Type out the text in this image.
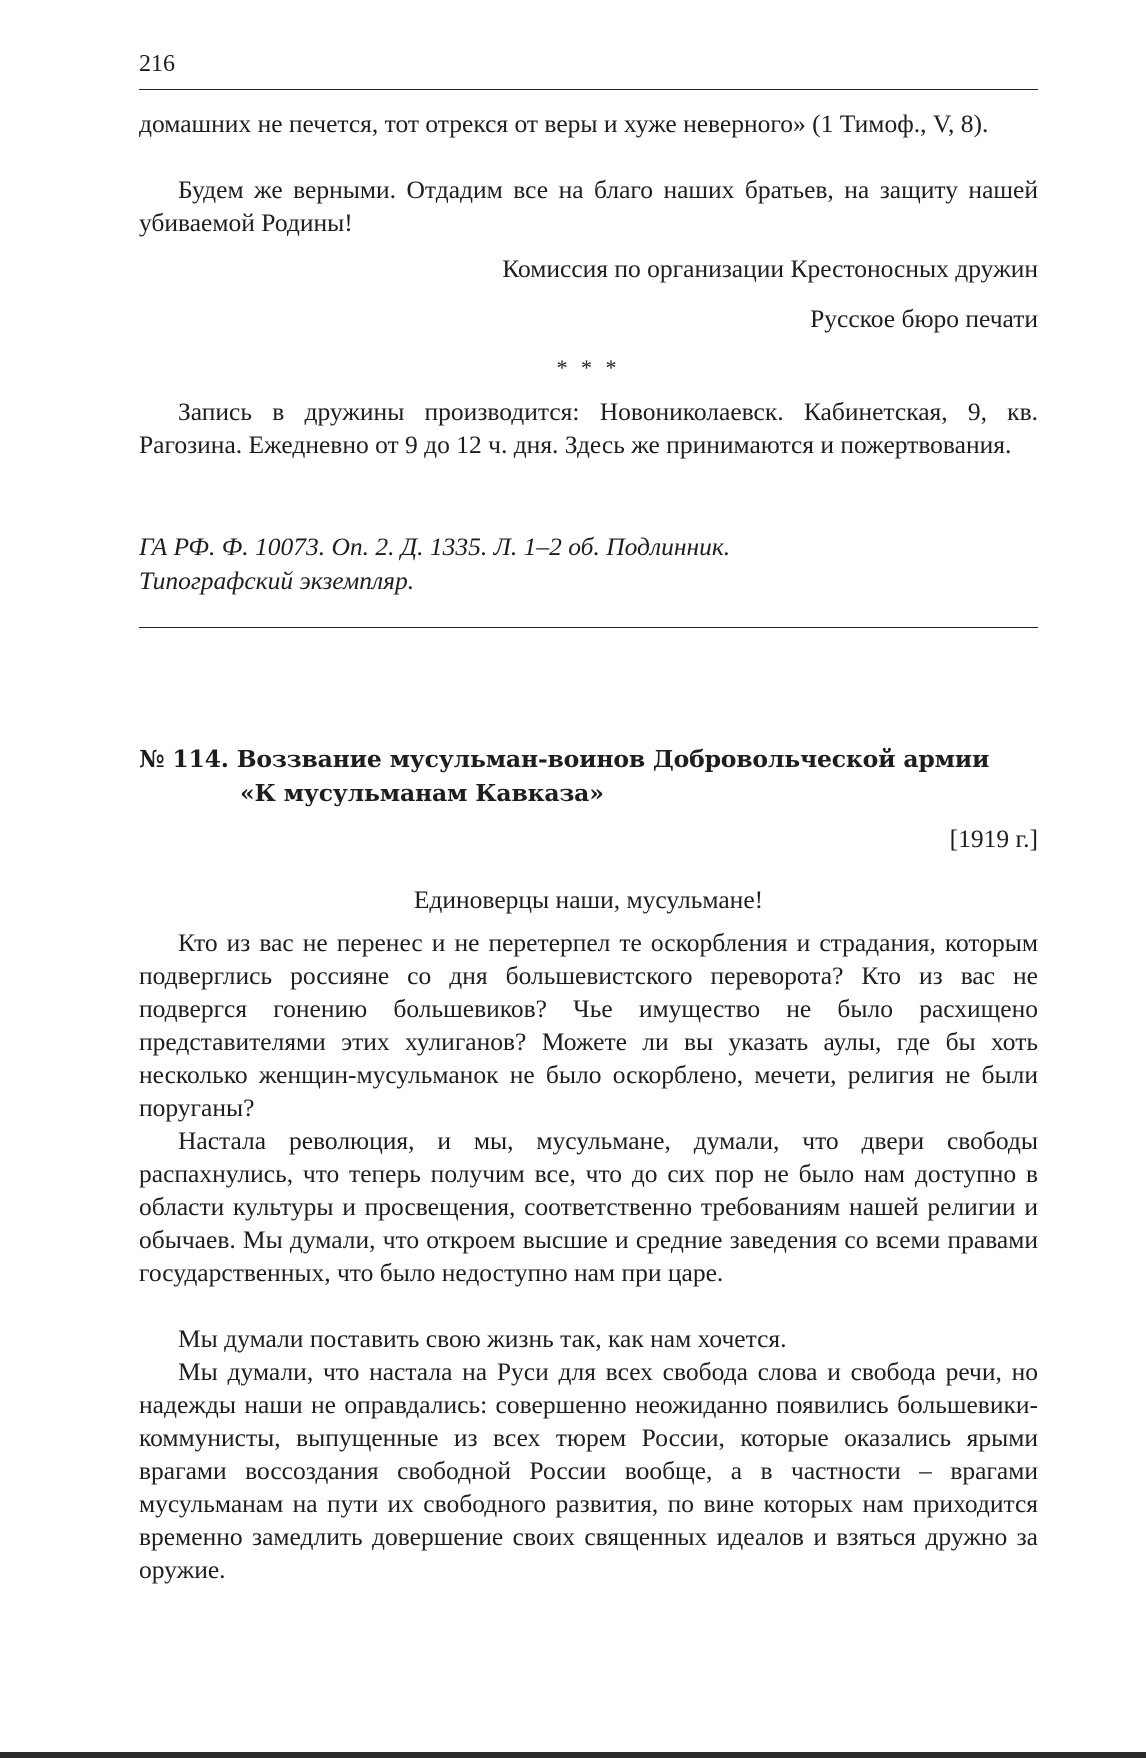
216

домашних не печется, тот отрекся от веры и хуже неверного» (1 Тимоф., V, 8).

Будем же верными. Отдадим все на благо наших братьев, на защиту нашей убиваемой Родины!

Комиссия по организации Крестоносных дружин
Русское бюро печати
* * *

Запись в дружины производится: Новониколаевск. Кабинетская, 9, кв. Рагозина. Ежедневно от 9 до 12 ч. дня. Здесь же принимаются и пожертвования.

ГА РФ. Ф. 10073. Оп. 2. Д. 1335. Л. 1–2 об. Подлинник.
Типографский экземпляр.
№ 114. Воззвание мусульман-воинов Добровольческой армии
«К мусульманам Кавказа»
[1919 г.]
Единоверцы наши, мусульмане!

Кто из вас не перенес и не перетерпел те оскорбления и страдания, которым подверглись россияне со дня большевистского переворота? Кто из вас не подвергся гонению большевиков? Чье имущество не было расхищено представителями этих хулиганов? Можете ли вы указать аулы, где бы хоть несколько женщин-мусульманок не было оскорблено, мечети, религия не были поруганы?

Настала революция, и мы, мусульмане, думали, что двери свободы распахнулись, что теперь получим все, что до сих пор не было нам доступно в области культуры и просвещения, соответственно требованиям нашей религии и обычаев. Мы думали, что откроем высшие и средние заведения со всеми правами государственных, что было недоступно нам при царе.

Мы думали поставить свою жизнь так, как нам хочется.

Мы думали, что настала на Руси для всех свобода слова и свобода речи, но надежды наши не оправдались: совершенно неожиданно появились большевики-коммунисты, выпущенные из всех тюрем России, которые оказались ярыми врагами воссоздания свободной России вообще, а в частности – врагами мусульманам на пути их свободного развития, по вине которых нам приходится временно замедлить довершение своих священных идеалов и взяться дружно за оружие.
